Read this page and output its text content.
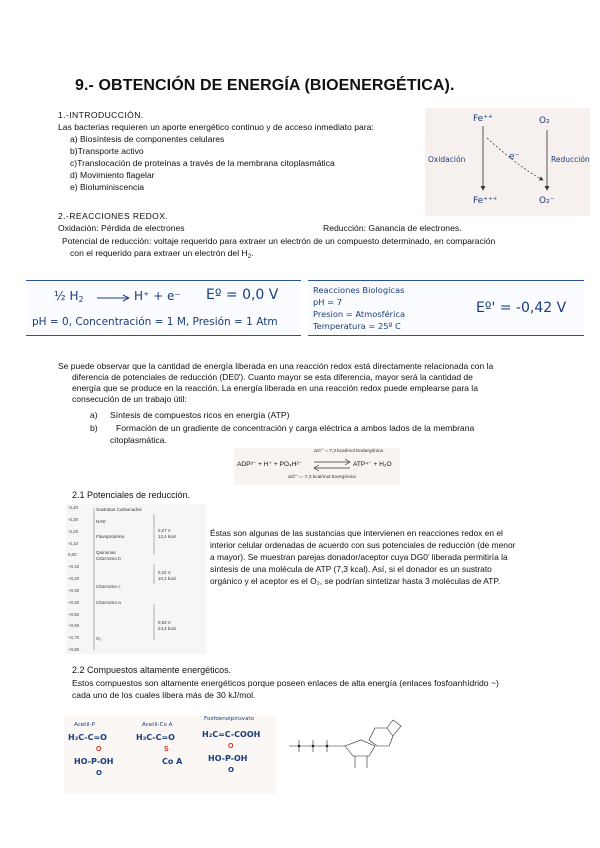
9.- OBTENCIÓN DE ENERGÍA (BIOENERGÉTICA).
1.-INTRODUCCIÓN.
Las bacterias requieren un aporte energético continuo y de acceso inmediato para:
a) Biosíntesis de componentes celulares
b)Transporte activo
c)Translocación de proteínas a través de la membrana citoplasmática
d) Movimiento flagelar
e) Bioluminiscencia
Fe⁺⁺	O₂
e⁻
Oxidación	Reducción
Fe⁺⁺⁺	O₂⁻
2.-REACCIONES REDOX.
Oxidación: Pérdida de electrones	Reducción: Ganancia de electrones.
Potencial de reducción: voltaje requerido para extraer un electrón de un compuesto determinado, en comparación
con el requerido para extraer un electrón del $H_2$.
½ $H_2$	H⁺ + e⁻ Eº = 0,0 V
pH = 0, Concentración = 1 M, Presión = 1 Atm
Reacciones Biologicas
pH = 7
Presion = Atmosférica
Temperatura = 25º C
Eº' = -0,42 V
Se puede observar que la cantidad de energía liberada en una reacción redox está directamente relacionada con la
diferencia de potenciales de reducción (DE0'). Cuanto mayor se esta diferencia, mayor será la cantidad de
energía que se produce en la reacción. La energía liberada en una reacción redox puede emplearse para la
consecución de un trabajo útil:
a) Síntesis de compuestos ricos en energía (ATP)
b) Formación de un gradiente de concentración y carga eléctrica a ambos lados de la membrana
citoplasmática.
ΔG°' = 7,3 kcal/mol Endergónica
ADP³⁻ + H⁺ + PO₄H²⁻	ATP⁴⁻ + H₂O
ΔG°' = -7,3 kcal/mol Exergónica
2.1 Potenciales de reducción.
-0,40
-0,30
-0,20
-0,10
0,00
+0,10
+0,20
+0,30
+0,40
+0,50
+0,60
+0,70
+0,80
Sustratos Carbonados
NAD
Flavoproteína
Quinonas
Citocromo b
Citocromo c
Citocromo a
O₂
0,27 V
12,4 kcal
0,22 V
10,1 kcal
0,53 V
24,4 kcal
Éstas son algunas de las sustancias que intervienen en reacciones redox en el
interior celular ordenadas de acuerdo con sus potenciales de reducción (de menor
a mayor). Se muestran parejas donador/aceptor cuya DG0’ liberada permitiría la
síntesis de una molécula de ATP (7,3 kcal). Así, si el donador es un sustrato
orgánico y el aceptor es el O₂, se podrían sintetizar hasta 3 moléculas de ATP.
2.2 Compuestos altamente energéticos.
Estos compuestos son altamente energéticos porque poseen enlaces de alta energía (enlaces fosfoanhídrido ~)
cada uno de los cuales libera más de 30 kJ/mol.
Acetil-P
H₃C-C=O
O
HO-P-OH
O
Acetil-Co A
H₃C-C=O
S
Co A
Fosfoenolpiruvato
H₂C=C-COOH
O
HO-P-OH
O
